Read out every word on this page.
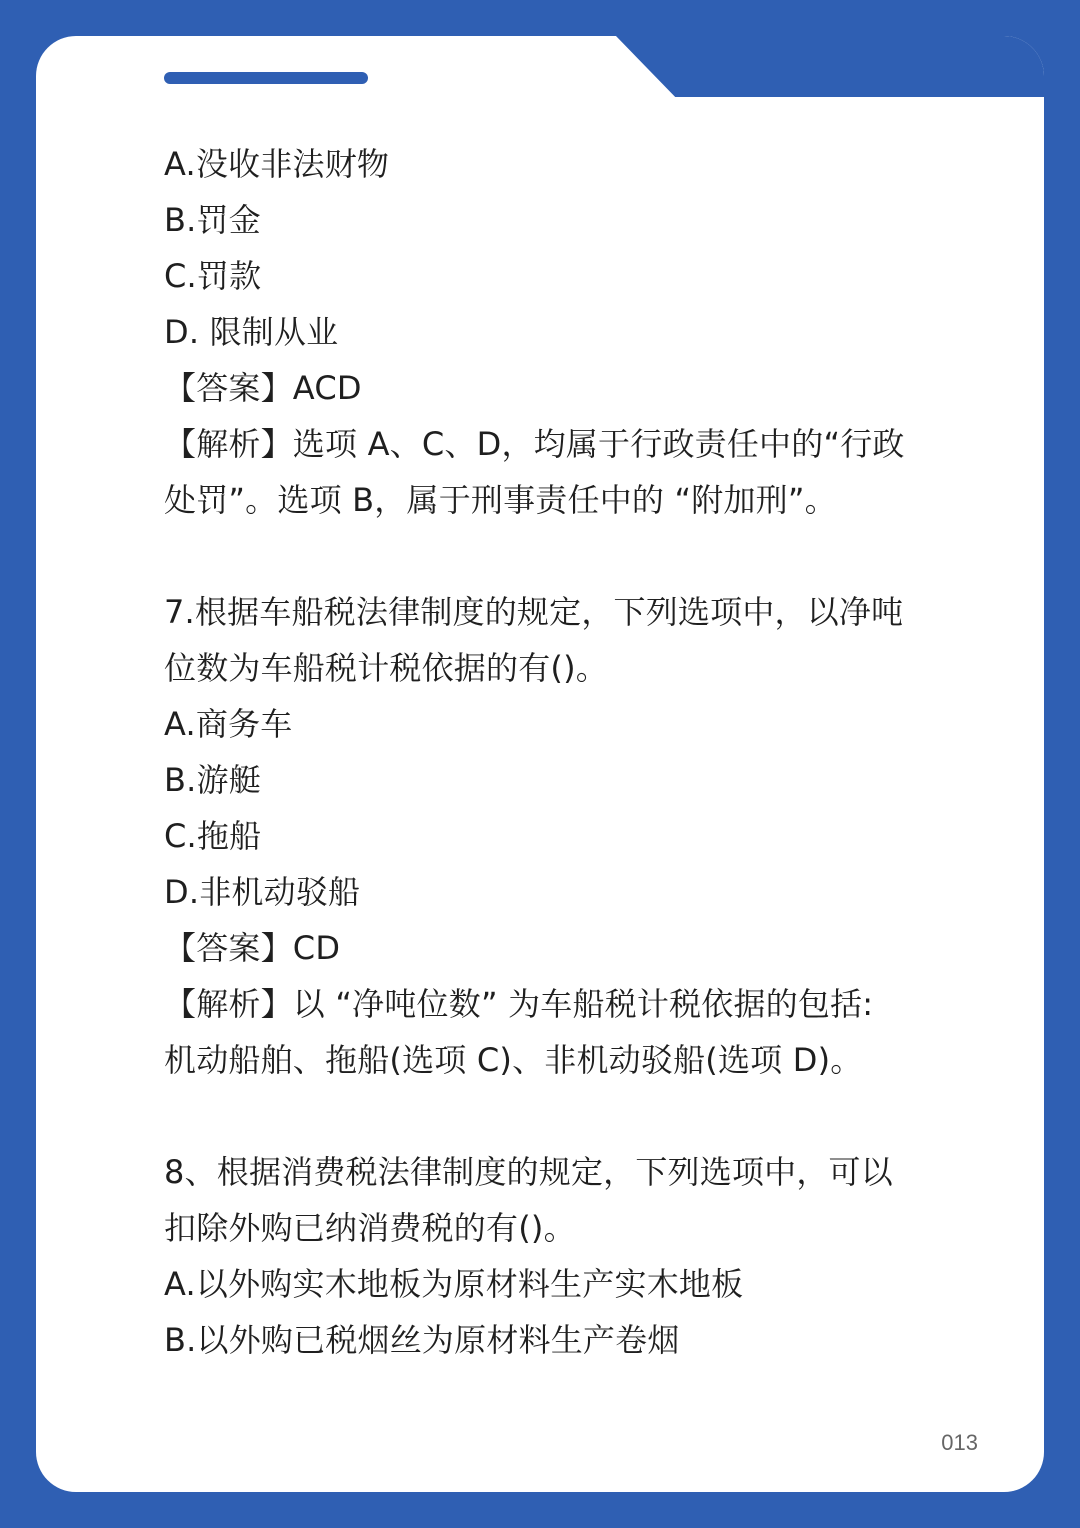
A.没收非法财物
B.罚金
C.罚款
D. 限制从业
【答案】ACD
【解析】选项 A、C、D，均属于行政责任中的“行政
处罚”。选项 B，属于刑事责任中的 “附加刑”。
7.根据车船税法律制度的规定，下列选项中，以净吨
位数为车船税计税依据的有()。
A.商务车
B.游艇
C.拖船
D.非机动驳船
【答案】CD
【解析】以 “净吨位数” 为车船税计税依据的包括:
机动船舶、拖船(选项 C)、非机动驳船(选项 D)。
8、根据消费税法律制度的规定，下列选项中，可以
扣除外购已纳消费税的有()。
A.以外购实木地板为原材料生产实木地板
B.以外购已税烟丝为原材料生产卷烟
013
